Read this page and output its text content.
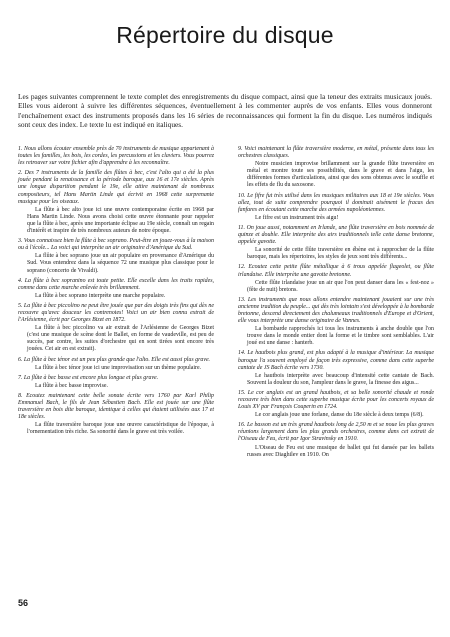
Répertoire du disque

Les pages suivantes comprennent le texte complet des enregistrements du disque compact, ainsi que la teneur des extraits musicaux joués. Elles vous aideront à suivre les différentes séquences, éventuellement à les commenter auprès de vos enfants. Elles vous donneront l'enchaînement exact des instruments proposés dans les 16 séries de reconnaissances qui forment la fin du disque. Les numéros indiqués sont ceux des index. Le texte lu est indiqué en italiques.

1. Nous allons écouter ensemble près de 70 instruments de musique appartenant à toutes les familles, les bois, les cordes, les percussions et les claviers. Vous pourrez les retrouver sur votre fichier afin d'apprendre à les reconnaître.
2. Des 7 instruments de la famille des flûtes à bec, c'est l'alto qui a été la plus jouée pendant la renaissance et la période baroque, aux 16 et 17e siècles. Après une longue disparition pendant le 19e, elle attire maintenant de nombreux compositeurs, tel Hans Martin Linde qui écrivit en 1968 cette surprenante musique pour les oiseaux.
La flûte à bec alto joue ici une œuvre contemporaine écrite en 1968 par Hans Martin Linde. Nous avons choisi cette œuvre étonnante pour rappeler que la flûte à bec, après une importante éclipse au 19e siècle, connaît un regain d'intérêt et inspire de très nombreux auteurs de notre époque.
3. Vous connaissez bien la flûte à bec soprano. Peut-être en jouez-vous à la maison ou à l'école... La voici qui interprète un air originaire d'Amérique du Sud.
La flûte à bec soprano joue un air populaire en provenance d'Amérique du Sud. Vous entendrez dans la séquence 72 une musique plus classique pour le soprano (concerto de Vivaldi).
4. La flûte à bec sopranino est toute petite. Elle excelle dans les traits rapides, comme dans cette marche enlevée très brillamment.
La flûte à bec soprano interprète une marche populaire.
5. La flûte à bec piccolino ne peut être jouée que par des doigts très fins qui dès ne recouvre qu'avec douceur les contrenotes! Voici un air bien connu extrait de l'Arlésienne, écrit par Georges Bizet en 1872.
La flûte à bec piccolino va air extrait de l'Arlésienne de Georges Bizet (c'est une musique de scène dont le Ballet, en forme de vaudeville, est peu de succès, par contre, les suites d'orchestre qui en sont tirées sont encore très jouées. Cet air en est extrait).
6. La flûte à bec ténor est un peu plus grande que l'alto. Elle est aussi plus grave.
La flûte à bec ténor joue ici une improvisation sur un thème populaire.
7. La flûte à bec basse est encore plus longue et plus grave.
La flûte à bec basse improvise.
8. Ecoutez maintenant cette belle sonate écrite vers 1760 par Karl Philip Emmanuel Bach, le fils de Jean Sébastien Bach. Elle est jouée sur une flûte traversière en bois dite baroque, identique à celles qui étaient utilisées aux 17 et 18e siècles.
La flûte traversière baroque joue une œuvre caractéristique de l'époque, à l'ornementation très riche. Sa sonorité dans le grave est très voilée.
9. Voici maintenant la flûte traversière moderne, en métal, présente dans tous les orchestres classiques.
Notre musicien improvise brillamment sur la grande flûte traversière en métal et montre toute ses possibilités, dans le grave et dans l'aigu, les différentes formes d'articulations, ainsi que des sons obtenus avec le souffle et les effets de flu du saxosone.
10. Le fifre fut très utilisé dans les musiques militaires aux 18 et 19e siècles. Vous allez, tout de suite comprendre pourquoi il dominait aisément le fracas des fanfares en écoutant cette marche des armées napoléoniennes.
Le fifre est un instrument très aigu!
11. On joue aussi, notamment en Irlande, une flûte traversière en bois nommée de quinze et double. Elle interprète des airs traditionnels telle cette danse bretonne, appelée gavotte.
La sonorité de cette flûte traversière en ébène est à rapprocher de la flûte baroque, mais les répertoires, les styles de jeux sont très différents...
12. Ecoutez cette petite flûte métallique à 6 trous appelée flageolet, ou flûte irlandaise. Elle interprète une gavotte bretonne.
Cette flûte irlandaise joue un air que l'on peut danser dans les « fest-noz » (fête de nuit) bretons.
13. Les instruments que nous allons entendre maintenant jouaient sur une très ancienne tradition du peuple... qui dès très lointain s'est développée à la bombarde bretonne, descend directement des chalumeaux traditionnels d'Europe et d'Orient, elle vous interprète une danse originaire de Vannes.
La bombarde rapprochés ici tous les instruments à anche double que l'on trouve dans le monde entier dont la forme et le timbre sont semblables. L'air joué est une danse : hanterb.
14. Le hautbois plus grand, est plus adapté à la musique d'intérieur. La musique baroque l'a souvent employé de façon très expressive, comme dans cette superbe cantate de JS Bach écrite vers 1730.
Le hautbois interprète avec beaucoup d'intensité cette cantate de Bach. Souvent la douleur du son, l'ampleur dans le grave, la finesse des aigus...
15. Le cor anglais est un grand hautbois, et sa belle sonorité chaude et ronde recouvre très bien dans cette superbe musique écrite pour les concerts royaux de Louis XV par François Couperin en 1724.
Le cor anglais joue une forlane, danse du 18e siècle à deux temps (6/8).
16. Le basson est un très grand hautbois long de 2,50 m et se noue les plus graves réunions largement dans les plus grands orchestres, comme dans cet extrait de l'Oiseau de Feu, écrit par Igor Stravinsky en 1910.
L'Oiseau de Feu est une musique de ballet qui fut dansée par les ballets russes avec Diaghilev en 1910. On
56
